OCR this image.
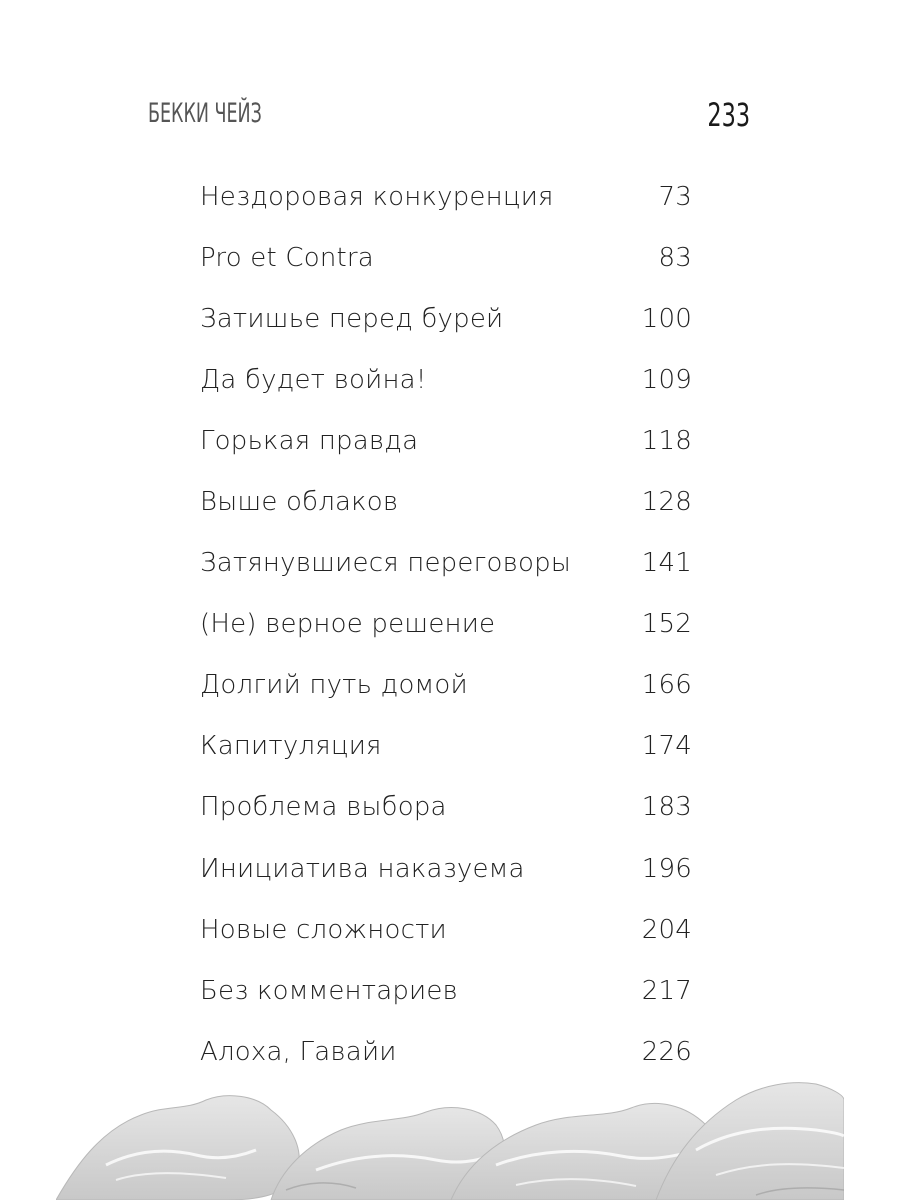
БЕККИ ЧЕЙЗ	233
Нездоровая конкуренция	73
Pro et Contra	83
Затишье перед бурей	100
Да будет война!	109
Горькая правда	118
Выше облаков	128
Затянувшиеся переговоры	141
(Не) верное решение	152
Долгий путь домой	166
Капитуляция	174
Проблема выбора	183
Инициатива наказуема	196
Новые сложности	204
Без комментариев	217
Алоха, Гавайи	226
